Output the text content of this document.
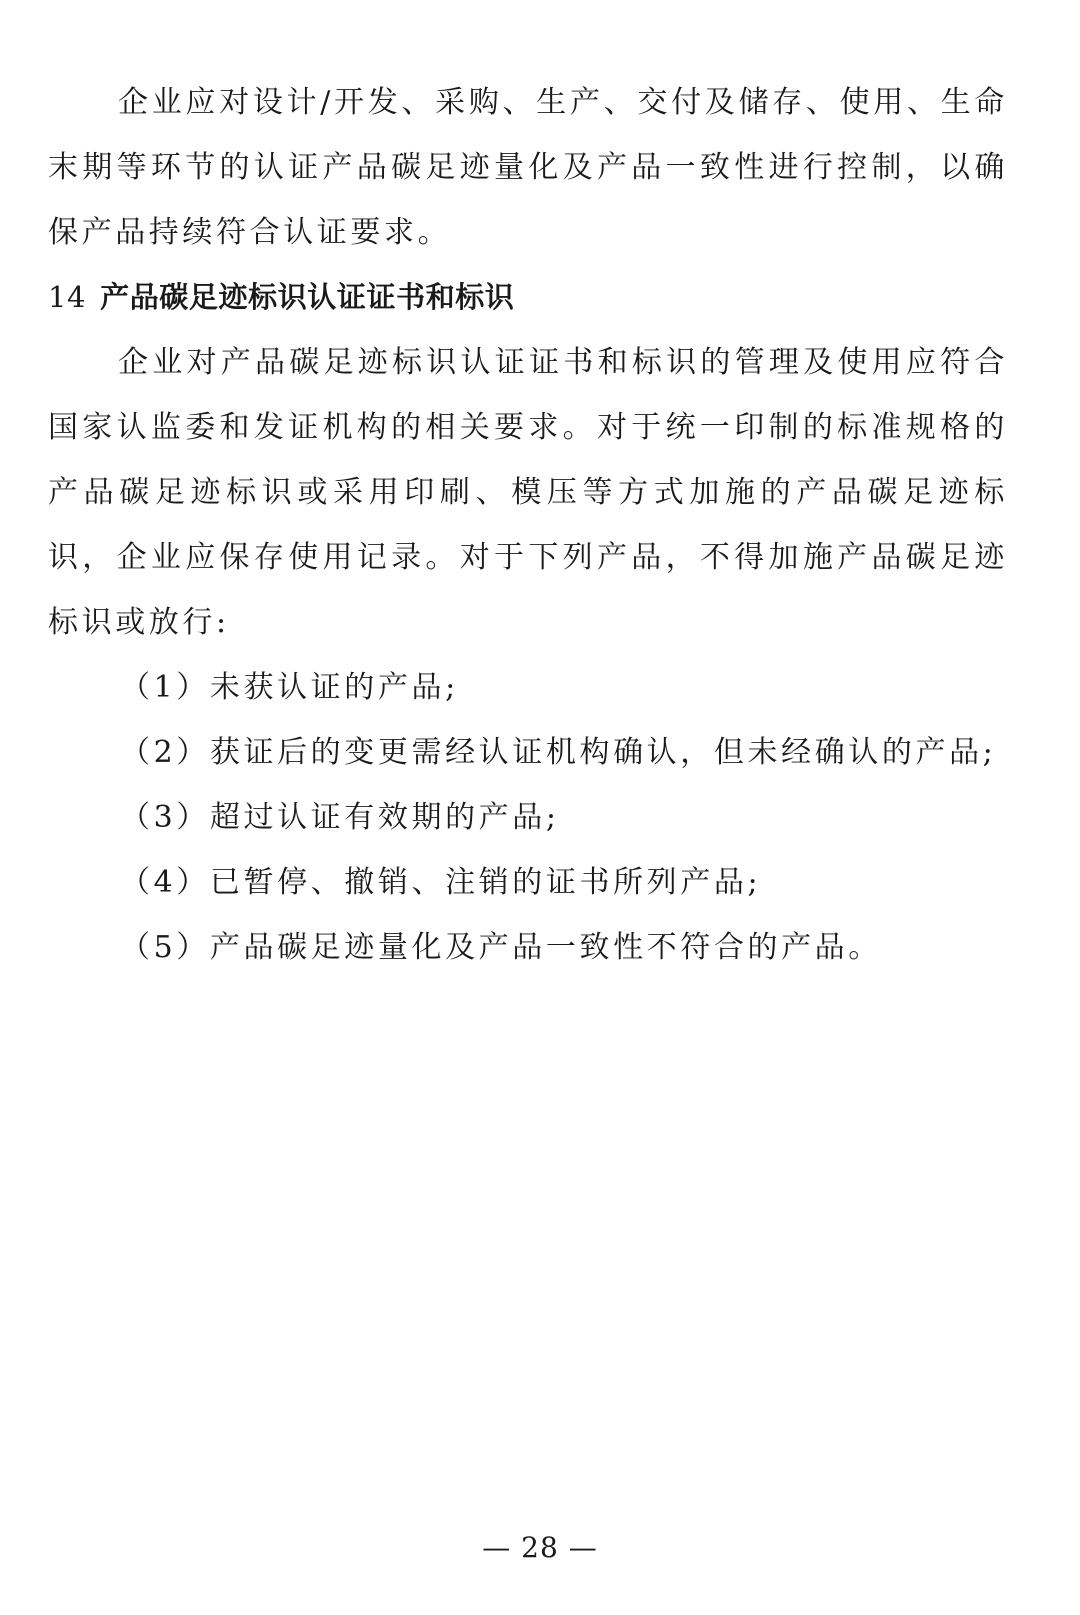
企业应对设计/开发、采购、生产、交付及储存、使用、生命末期等环节的认证产品碳足迹量化及产品一致性进行控制，以确保产品持续符合认证要求。

14 产品碳足迹标识认证证书和标识

企业对产品碳足迹标识认证证书和标识的管理及使用应符合国家认监委和发证机构的相关要求。对于统一印制的标准规格的产品碳足迹标识或采用印刷、模压等方式加施的产品碳足迹标识，企业应保存使用记录。对于下列产品，不得加施产品碳足迹标识或放行:

（1）未获认证的产品;
（2）获证后的变更需经认证机构确认，但未经确认的产品;
（3）超过认证有效期的产品;
（4）已暂停、撤销、注销的证书所列产品;
（5）产品碳足迹量化及产品一致性不符合的产品。
— 28 —
